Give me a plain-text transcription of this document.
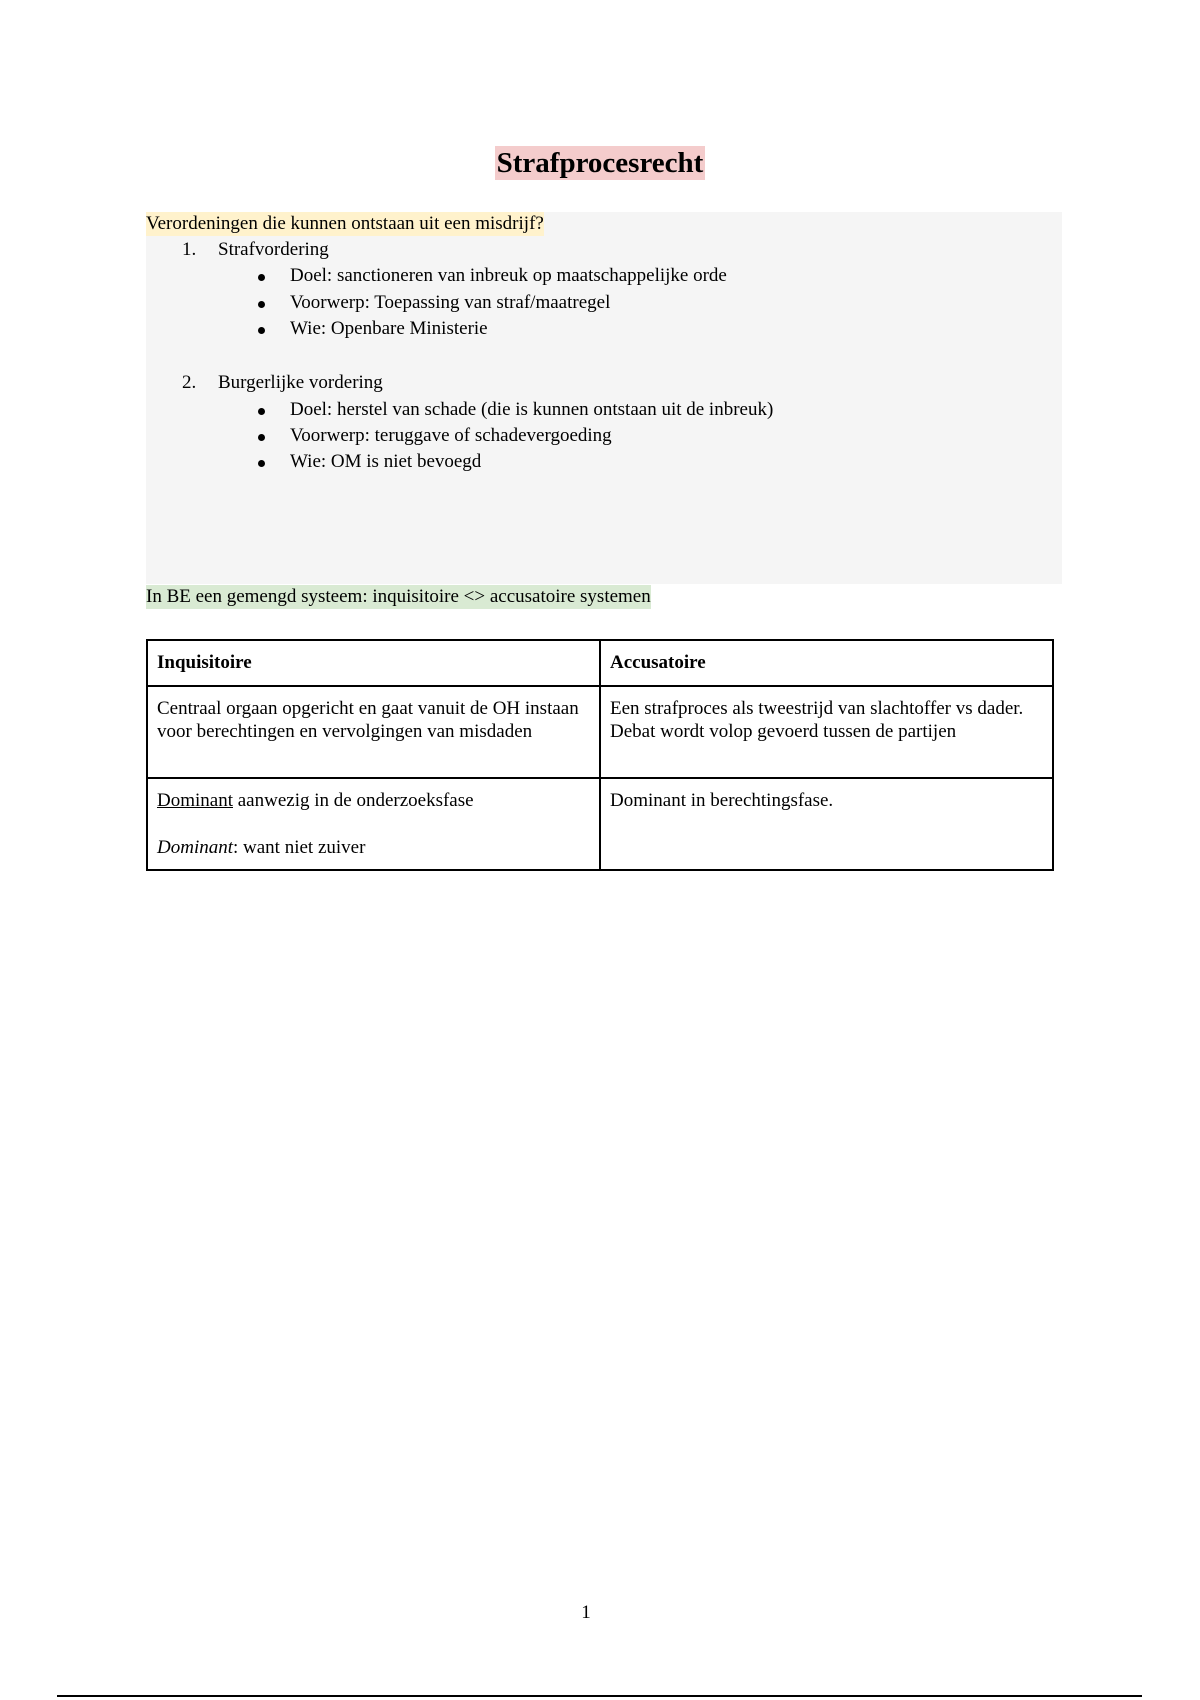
Strafprocesrecht
Verordeningen die kunnen ontstaan uit een misdrijf?
1. Strafvordering
Doel: sanctioneren van inbreuk op maatschappelijke orde
Voorwerp: Toepassing van straf/maatregel
Wie: Openbare Ministerie
2. Burgerlijke vordering
Doel: herstel van schade (die is kunnen ontstaan uit de inbreuk)
Voorwerp: teruggave of schadevergoeding
Wie: OM is niet bevoegd
In BE een gemengd systeem: inquisitoire <> accusatoire systemen
Inquisitoire	Accusatoire
Centraal orgaan opgericht en gaat vanuit de OH instaan voor berechtingen en vervolgingen van misdaden	Een strafproces als tweestrijd van slachtoffer vs dader. Debat wordt volop gevoerd tussen de partijen

Dominant aanwezig in de onderzoeksfase
Dominant: want niet zuiver	Dominant in berechtingsfase.
1
